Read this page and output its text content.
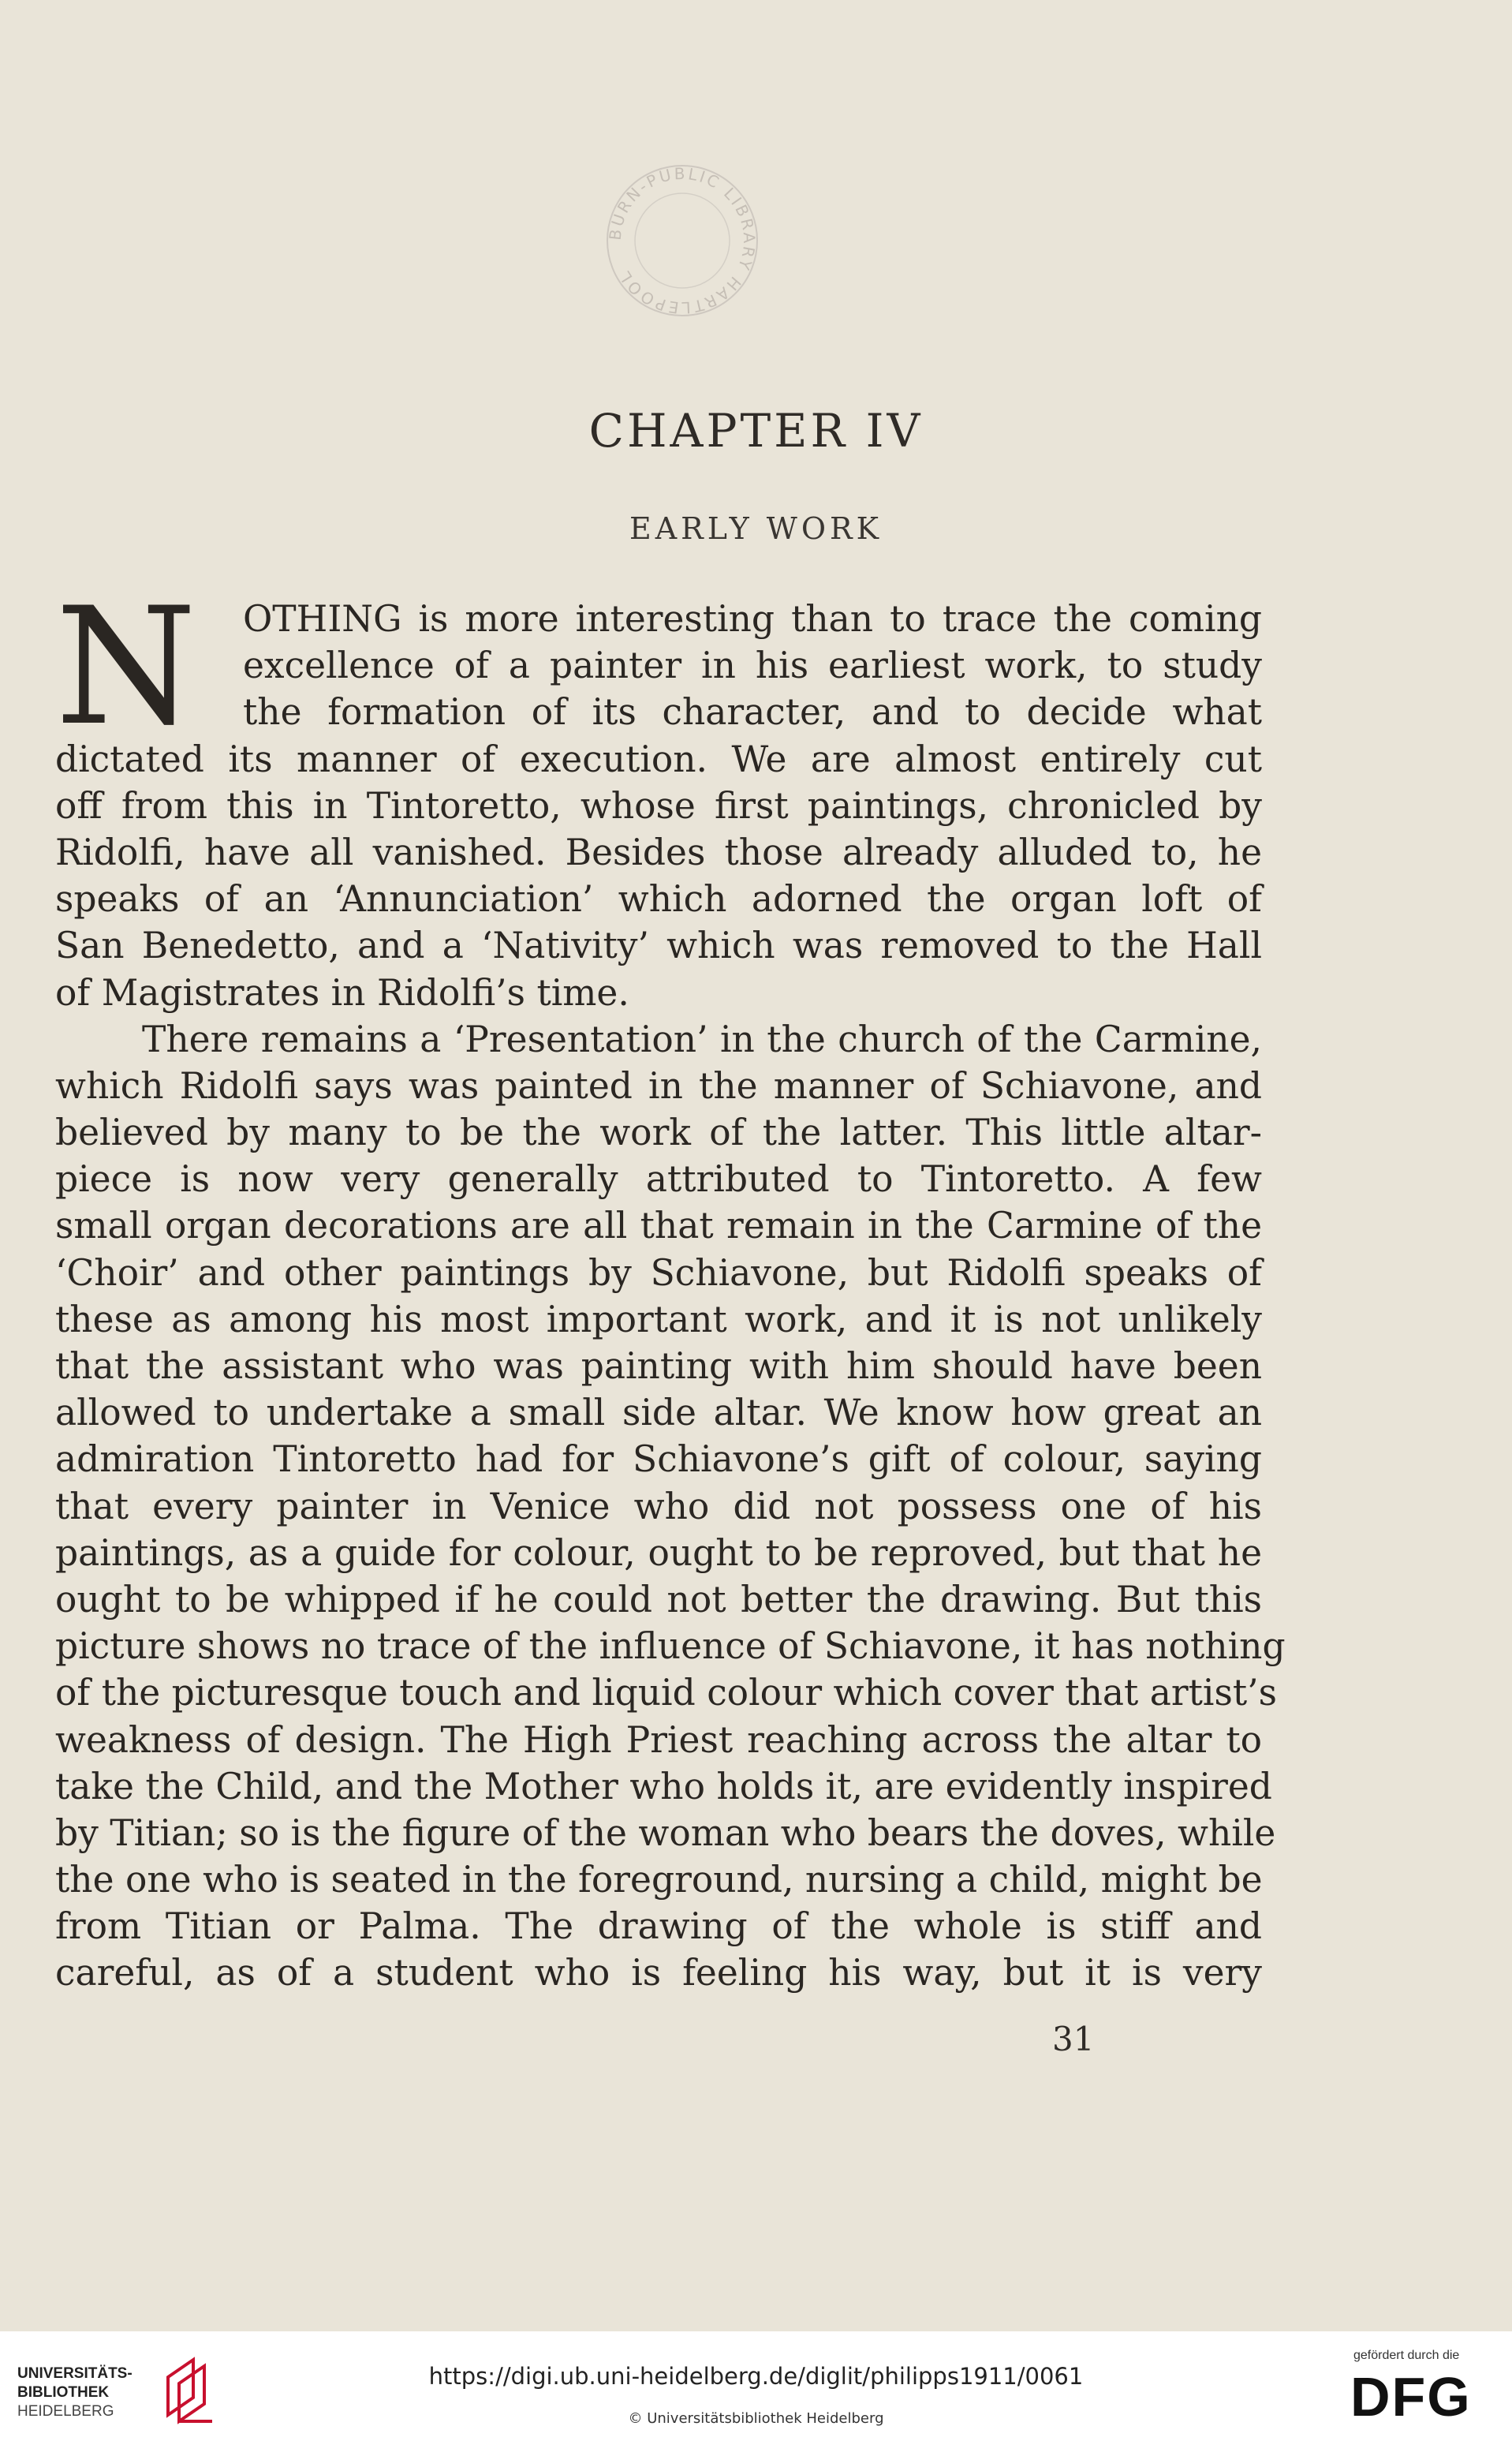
BURN-PUBLIC LIBRARY HARTLEPOOL
CHAPTER IV
EARLY WORK
N	OTHING is more interesting than to trace the coming
excellence of a painter in his earliest work, to study
the formation of its character, and to decide what
dictated its manner of execution. We are almost entirely cut
off from this in Tintoretto, whose first paintings, chronicled by
Ridolfi, have all vanished. Besides those already alluded to, he
speaks of an ‘Annunciation’ which adorned the organ loft of
San Benedetto, and a ‘Nativity’ which was removed to the Hall
of Magistrates in Ridolfi’s time.
There remains a ‘Presentation’ in the church of the Carmine,
which Ridolfi says was painted in the manner of Schiavone, and
believed by many to be the work of the latter. This little altar-
piece is now very generally attributed to Tintoretto. A few
small organ decorations are all that remain in the Carmine of the
‘Choir’ and other paintings by Schiavone, but Ridolfi speaks of
these as among his most important work, and it is not unlikely
that the assistant who was painting with him should have been
allowed to undertake a small side altar. We know how great an
admiration Tintoretto had for Schiavone’s gift of colour, saying
that every painter in Venice who did not possess one of his
paintings, as a guide for colour, ought to be reproved, but that he
ought to be whipped if he could not better the drawing. But this
picture shows no trace of the influence of Schiavone, it has nothing
of the picturesque touch and liquid colour which cover that artist’s
weakness of design. The High Priest reaching across the altar to
take the Child, and the Mother who holds it, are evidently inspired
by Titian; so is the figure of the woman who bears the doves, while
the one who is seated in the foreground, nursing a child, might be
from Titian or Palma. The drawing of the whole is stiff and
careful, as of a student who is feeling his way, but it is very
31
UNIVERSITÄTS-
BIBLIOTHEK
HEIDELBERG
https://digi.ub.uni-heidelberg.de/diglit/philipps1911/0061
© Universitätsbibliothek Heidelberg
gefördert durch die
DFG
